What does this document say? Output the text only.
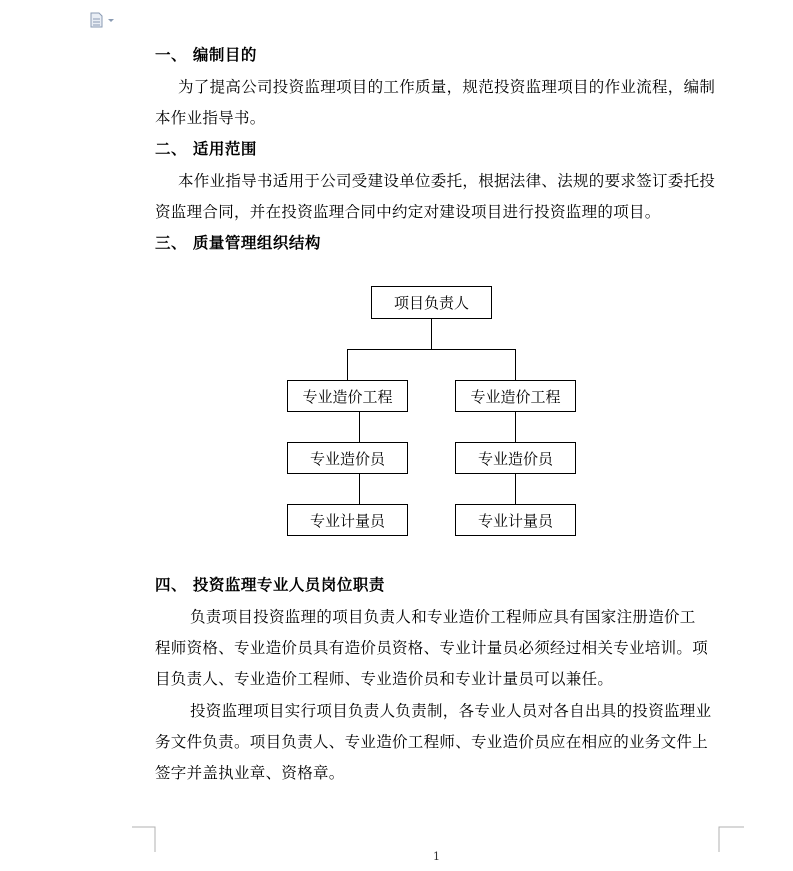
一、 编制目的
为了提高公司投资监理项目的工作质量，规范投资监理项目的作业流程，编制
本作业指导书。
二、 适用范围
本作业指导书适用于公司受建设单位委托，根据法律、法规的要求签订委托投
资监理合同，并在投资监理合同中约定对建设项目进行投资监理的项目。
三、 质量管理组织结构
项目负责人
专业造价工程	专业造价工程
专业造价员	专业造价员
专业计量员	专业计量员
四、 投资监理专业人员岗位职责
负责项目投资监理的项目负责人和专业造价工程师应具有国家注册造价工
程师资格、专业造价员具有造价员资格、专业计量员必须经过相关专业培训。项
目负责人、专业造价工程师、专业造价员和专业计量员可以兼任。
投资监理项目实行项目负责人负责制，各专业人员对各自出具的投资监理业
务文件负责。项目负责人、专业造价工程师、专业造价员应在相应的业务文件上
签字并盖执业章、资格章。
1
